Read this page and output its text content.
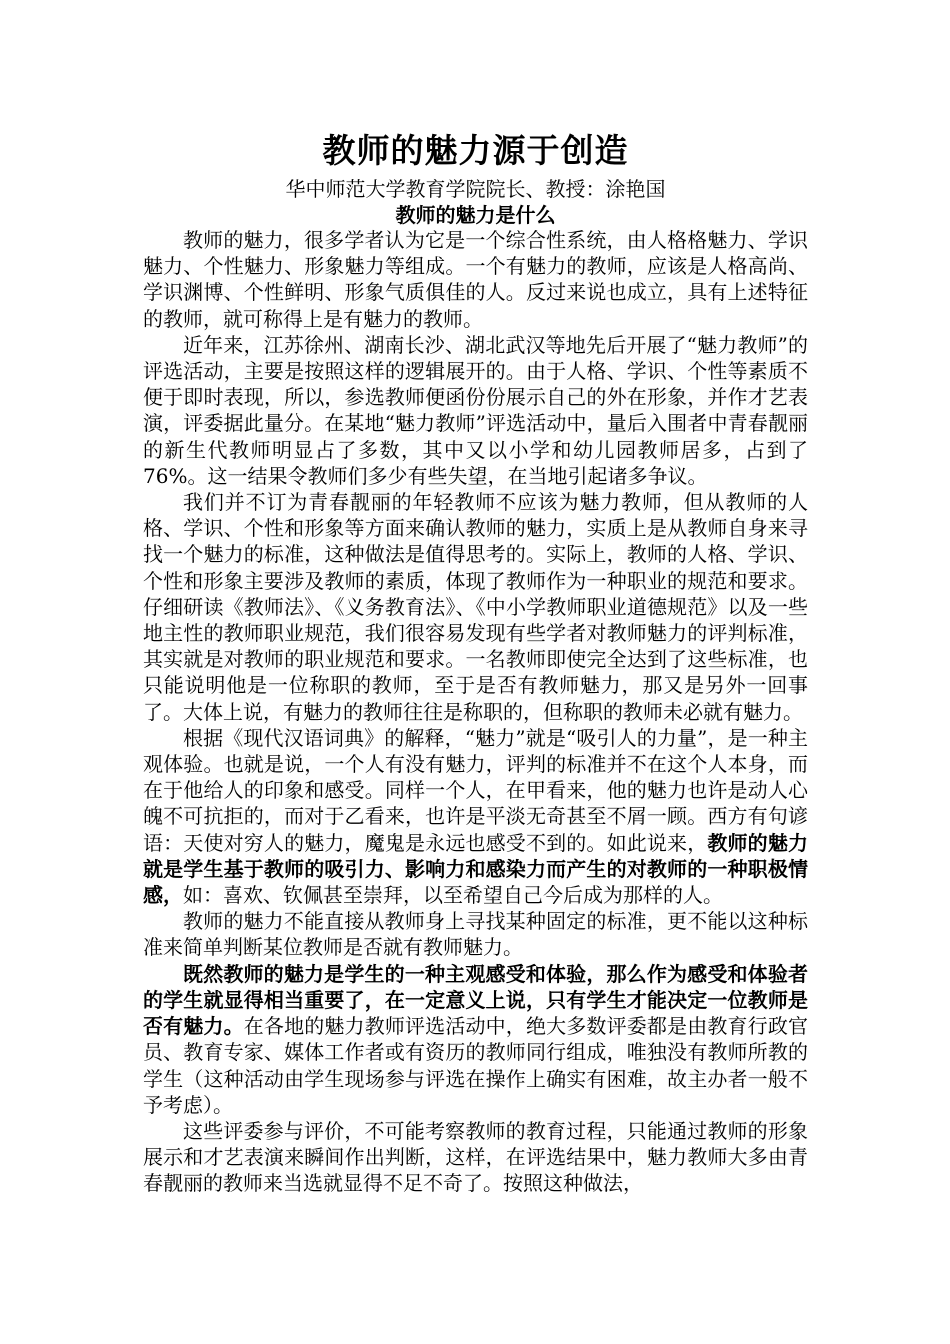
教师的魅力源于创造

华中师范大学教育学院院长、教授：涂艳国

教师的魅力是什么

教师的魅力，很多学者认为它是一个综合性系统，由人格格魅力、学识魅力、个性魅力、形象魅力等组成。一个有魅力的教师，应该是人格高尚、学识渊博、个性鲜明、形象气质俱佳的人。反过来说也成立，具有上述特征的教师，就可称得上是有魅力的教师。

近年来，江苏徐州、湖南长沙、湖北武汉等地先后开展了“魅力教师”的评选活动，主要是按照这样的逻辑展开的。由于人格、学识、个性等素质不便于即时表现，所以，参选教师便函份份展示自己的外在形象，并作才艺表演，评委据此量分。在某地“魅力教师”评选活动中，量后入围者中青春靓丽的新生代教师明显占了多数，其中又以小学和幼儿园教师居多，占到了76%。这一结果令教师们多少有些失望，在当地引起诸多争议。

我们并不订为青春靓丽的年轻教师不应该为魅力教师，但从教师的人格、学识、个性和形象等方面来确认教师的魅力，实质上是从教师自身来寻找一个魅力的标准，这种做法是值得思考的。实际上，教师的人格、学识、个性和形象主要涉及教师的素质，体现了教师作为一种职业的规范和要求。仔细研读《教师法》、《义务教育法》、《中小学教师职业道德规范》以及一些地主性的教师职业规范，我们很容易发现有些学者对教师魅力的评判标准，其实就是对教师的职业规范和要求。一名教师即使完全达到了这些标准，也只能说明他是一位称职的教师，至于是否有教师魅力，那又是另外一回事了。大体上说，有魅力的教师往往是称职的，但称职的教师未必就有魅力。

根据《现代汉语词典》的解释，“魅力”就是“吸引人的力量”，是一种主观体验。也就是说，一个人有没有魅力，评判的标准并不在这个人本身，而在于他给人的印象和感受。同样一个人，在甲看来，他的魅力也许是动人心魄不可抗拒的，而对于乙看来，也许是平淡无奇甚至不屑一顾。西方有句谚语：天使对穷人的魅力，魔鬼是永远也感受不到的。如此说来，教师的魅力就是学生基于教师的吸引力、影响力和感染力而产生的对教师的一种职极情感，如：喜欢、钦佩甚至崇拜，以至希望自己今后成为那样的人。

教师的魅力不能直接从教师身上寻找某种固定的标准，更不能以这种标准来简单判断某位教师是否就有教师魅力。

既然教师的魅力是学生的一种主观感受和体验，那么作为感受和体验者的学生就显得相当重要了，在一定意义上说，只有学生才能决定一位教师是否有魅力。在各地的魅力教师评选活动中，绝大多数评委都是由教育行政官员、教育专家、媒体工作者或有资历的教师同行组成，唯独没有教师所教的学生（这种活动由学生现场参与评选在操作上确实有困难，故主办者一般不予考虑）。

这些评委参与评价，不可能考察教师的教育过程，只能通过教师的形象展示和才艺表演来瞬间作出判断，这样，在评选结果中，魅力教师大多由青春靓丽的教师来当选就显得不足不奇了。按照这种做法，
